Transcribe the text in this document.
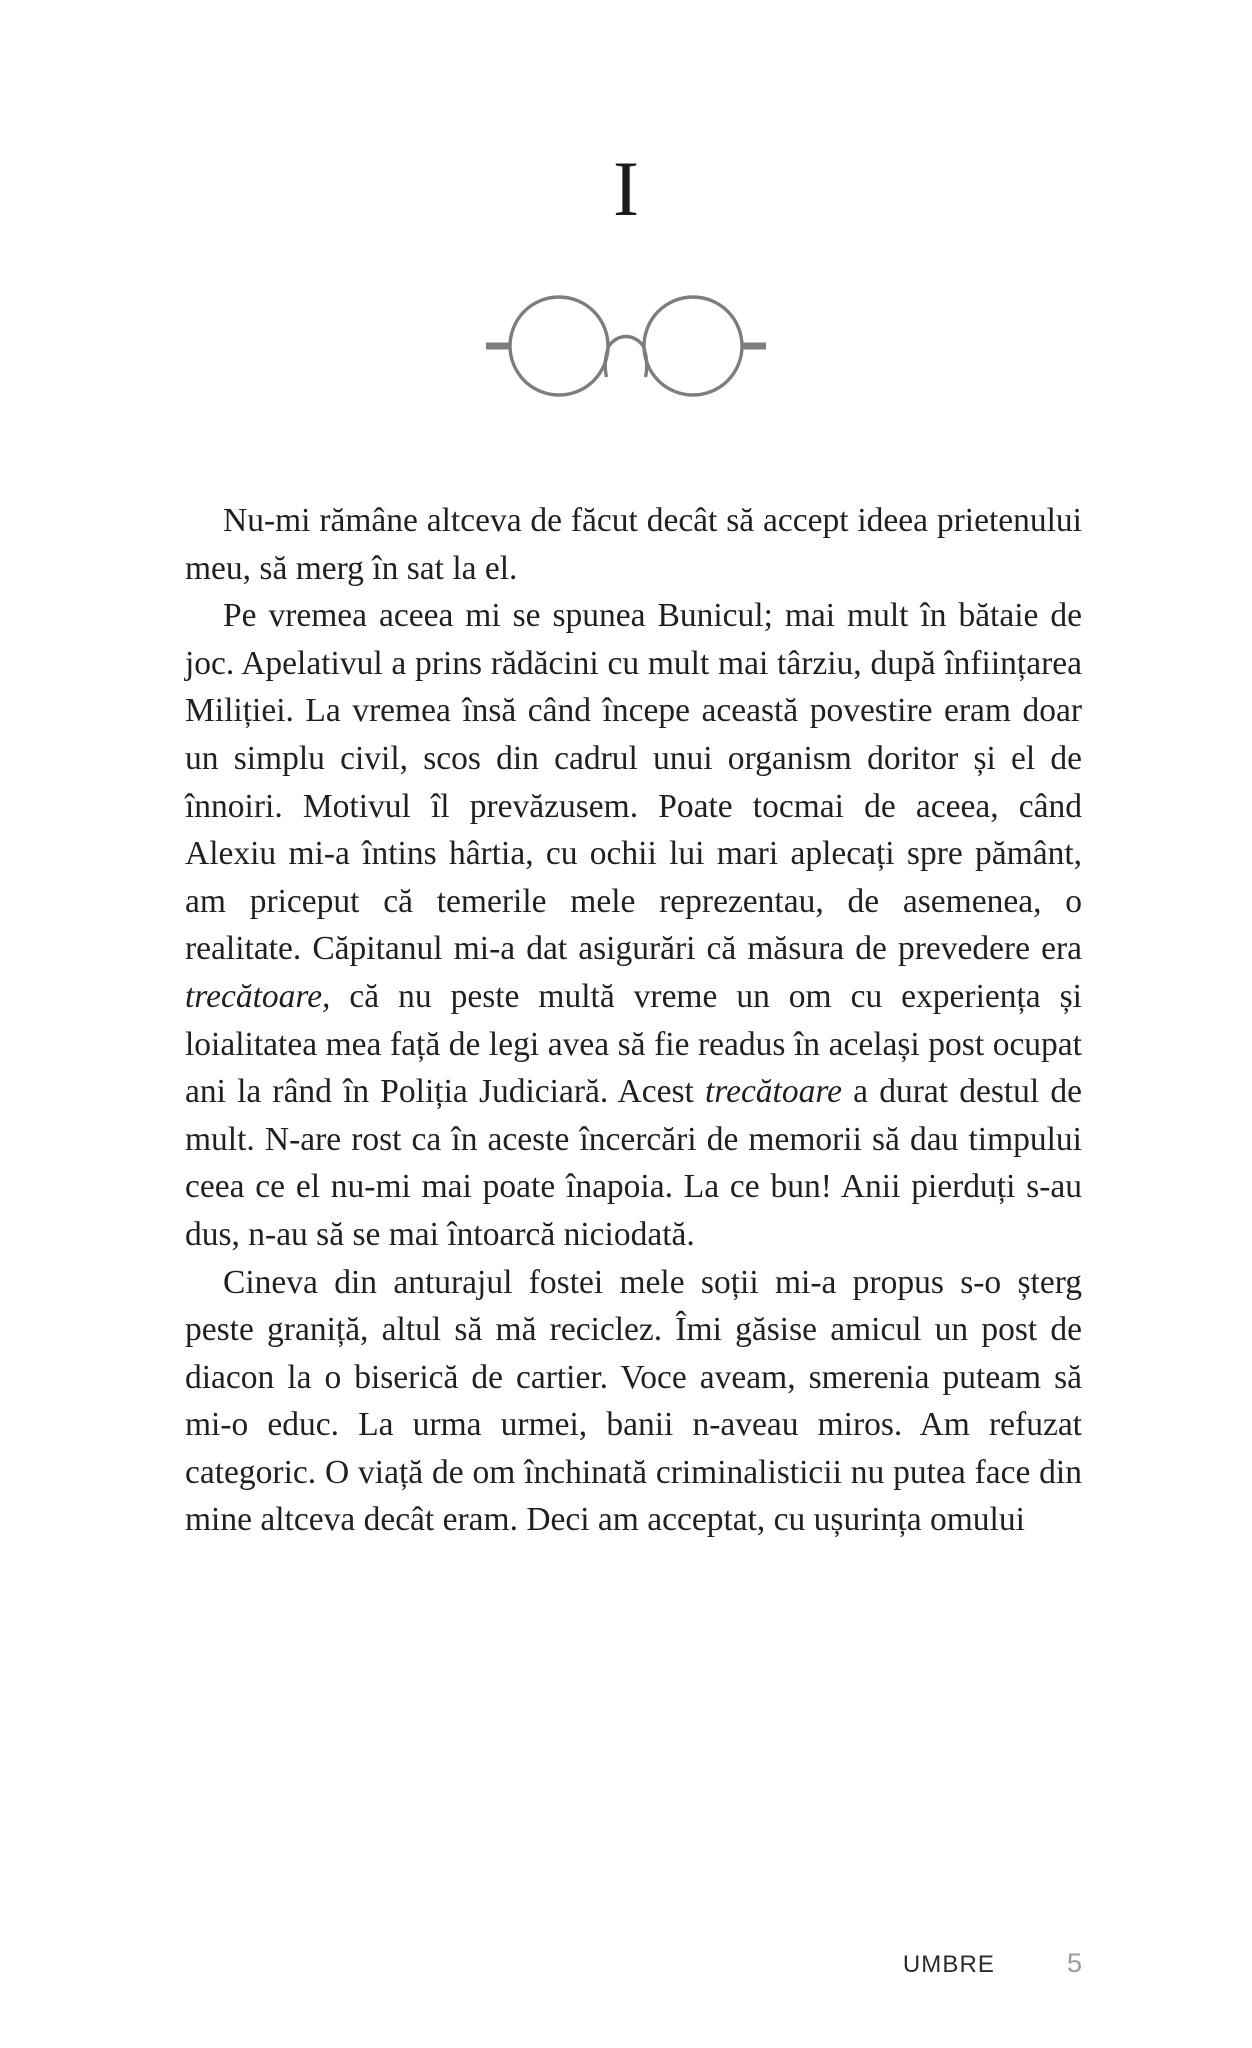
I

Nu-mi rămâne altceva de făcut decât să accept ideea prietenului meu, să merg în sat la el.

Pe vremea aceea mi se spunea Bunicul; mai mult în bătaie de joc. Apelativul a prins rădăcini cu mult mai târziu, după înființarea Miliției. La vremea însă când începe această povestire eram doar un simplu civil, scos din cadrul unui organism doritor și el de înnoiri. Motivul îl prevăzusem. Poate tocmai de aceea, când Alexiu mi-a întins hârtia, cu ochii lui mari aplecați spre pământ, am priceput că temerile mele reprezentau, de asemenea, o realitate. Căpitanul mi-a dat asigurări că măsura de prevedere era trecătoare, că nu peste multă vreme un om cu experiența și loialitatea mea față de legi avea să fie readus în același post ocupat ani la rând în Poliția Judiciară. Acest trecătoare a durat destul de mult. N-are rost ca în aceste încercări de memorii să dau timpului ceea ce el nu-mi mai poate înapoia. La ce bun! Anii pierduți s-au dus, n-au să se mai întoarcă niciodată.

Cineva din anturajul fostei mele soții mi-a propus s-o șterg peste graniță, altul să mă reciclez. Îmi găsise amicul un post de diacon la o biserică de cartier. Voce aveam, smerenia puteam să mi-o educ. La urma urmei, banii n-aveau miros. Am refuzat categoric. O viață de om închinată criminalisticii nu putea face din mine altceva decât eram. Deci am acceptat, cu ușurința omului

UMBRE	5
